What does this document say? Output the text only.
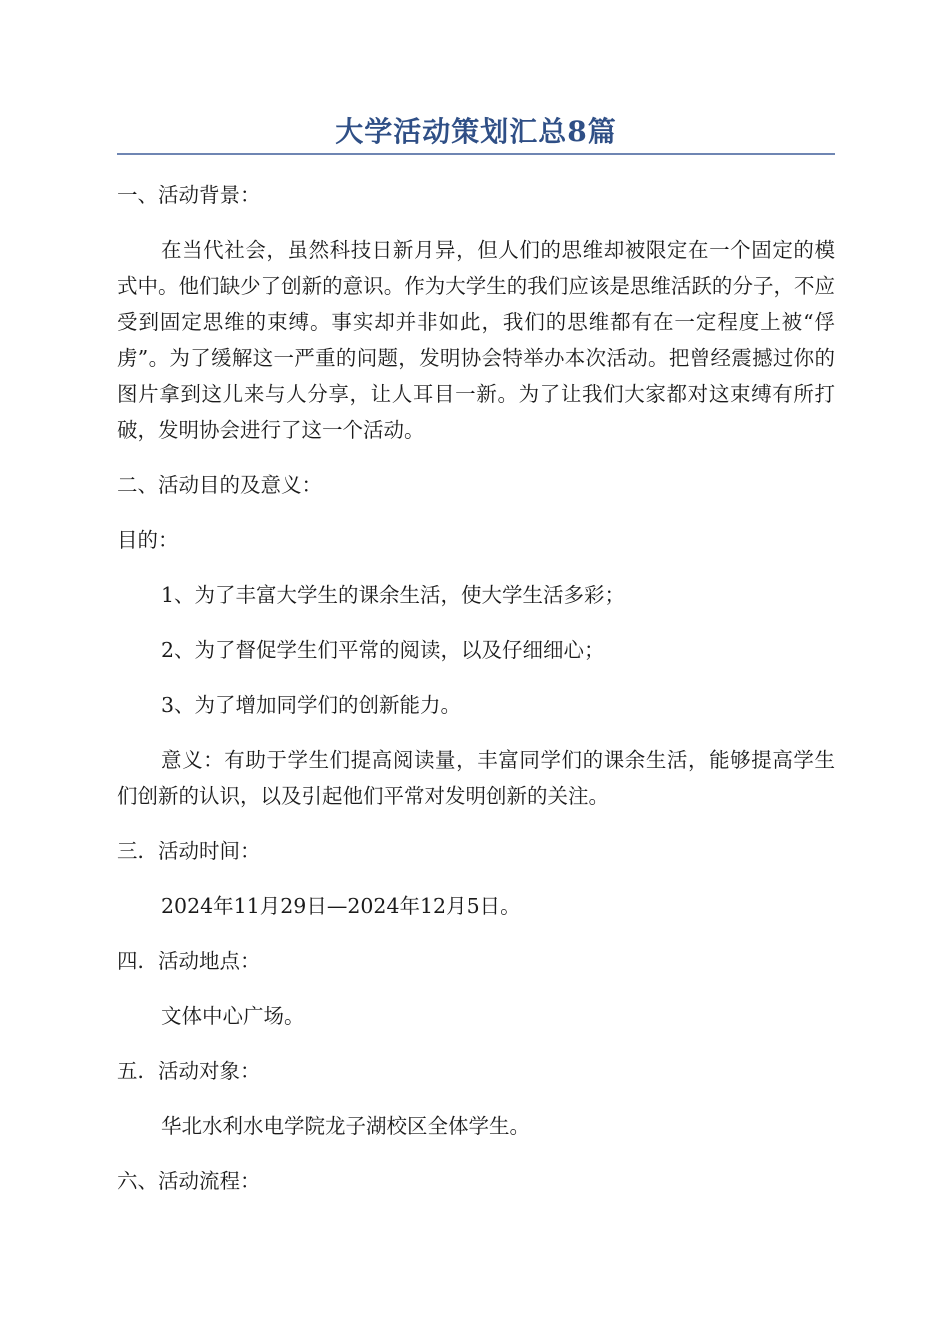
大学活动策划汇总8篇

一、活动背景：

在当代社会，虽然科技日新月异，但人们的思维却被限定在一个固定的模式中。他们缺少了创新的意识。作为大学生的我们应该是思维活跃的分子，不应受到固定思维的束缚。事实却并非如此，我们的思维都有在一定程度上被“俘虏”。为了缓解这一严重的问题，发明协会特举办本次活动。把曾经震撼过你的图片拿到这儿来与人分享，让人耳目一新。为了让我们大家都对这束缚有所打破，发明协会进行了这一个活动。

二、活动目的及意义：

目的：

1、为了丰富大学生的课余生活，使大学生活多彩；

2、为了督促学生们平常的阅读，以及仔细细心；

3、为了增加同学们的创新能力。

意义：有助于学生们提高阅读量，丰富同学们的课余生活，能够提高学生们创新的认识，以及引起他们平常对发明创新的关注。

三．活动时间：

2024年11月29日—2024年12月5日。

四．活动地点：

文体中心广场。

五．活动对象：

华北水利水电学院龙子湖校区全体学生。

六、活动流程：
